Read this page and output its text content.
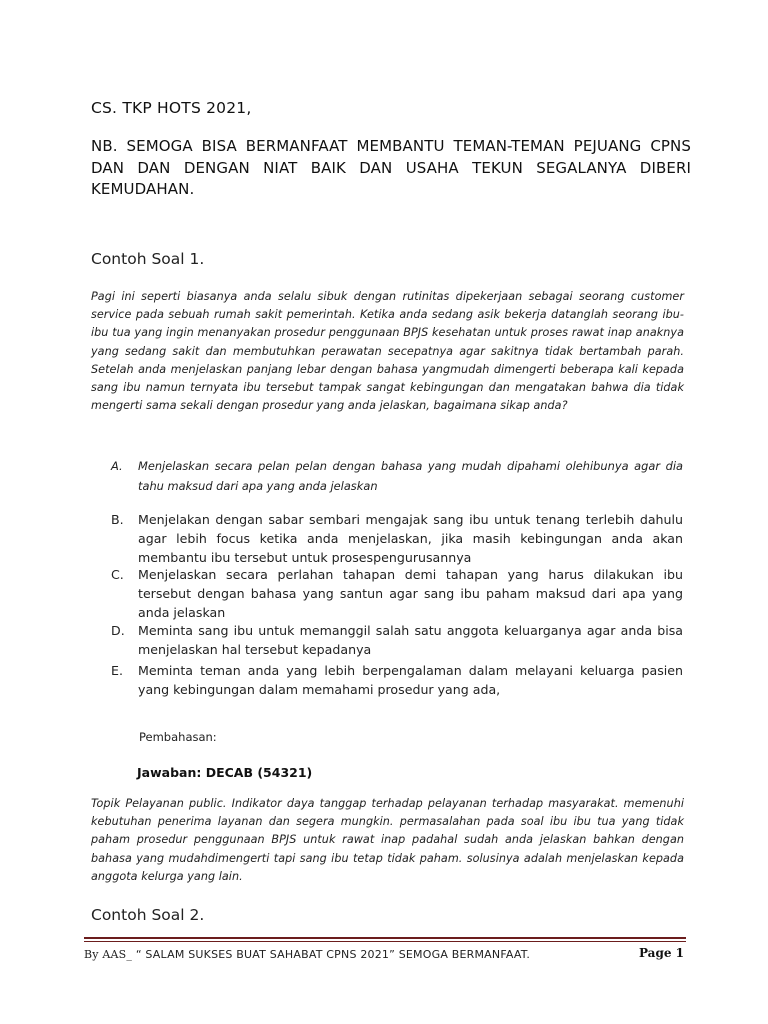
CS. TKP HOTS 2021,
NB. SEMOGA BISA BERMANFAAT MEMBANTU TEMAN-TEMAN PEJUANG CPNS DAN DAN DENGAN NIAT BAIK DAN USAHA TEKUN SEGALANYA DIBERI KEMUDAHAN.
Contoh Soal 1.
Pagi ini seperti biasanya anda selalu sibuk dengan rutinitas dipekerjaan sebagai seorang customer service pada sebuah rumah sakit pemerintah. Ketika anda sedang asik bekerja datanglah seorang ibu-ibu tua yang ingin menanyakan prosedur penggunaan BPJS kesehatan untuk proses rawat inap anaknya yang sedang sakit dan membutuhkan perawatan secepatnya agar sakitnya tidak bertambah parah. Setelah anda menjelaskan panjang lebar dengan bahasa yangmudah dimengerti beberapa kali kepada sang ibu namun ternyata ibu tersebut tampak sangat kebingungan dan mengatakan bahwa dia tidak mengerti sama sekali dengan prosedur yang anda jelaskan, bagaimana sikap anda?
A. Menjelaskan secara pelan pelan dengan bahasa yang mudah dipahami olehibunya agar dia tahu maksud dari apa yang anda jelaskan
B. Menjelakan dengan sabar sembari mengajak sang ibu untuk tenang terlebih dahulu agar lebih focus ketika anda menjelaskan, jika masih kebingungan anda akan membantu ibu tersebut untuk prosespengurusannya
C. Menjelaskan secara perlahan tahapan demi tahapan yang harus dilakukan ibu tersebut dengan bahasa yang santun agar sang ibu paham maksud dari apa yang anda jelaskan
D. Meminta sang ibu untuk memanggil salah satu anggota keluarganya agar anda bisa menjelaskan hal tersebut kepadanya
E. Meminta teman anda yang lebih berpengalaman dalam melayani keluarga pasien yang kebingungan dalam memahami prosedur yang ada,
Pembahasan:
Jawaban: DECAB (54321)
Topik Pelayanan public. Indikator daya tanggap terhadap pelayanan terhadap masyarakat. memenuhi kebutuhan penerima layanan dan segera mungkin. permasalahan pada soal ibu ibu tua yang tidak paham prosedur penggunaan BPJS untuk rawat inap padahal sudah anda jelaskan bahkan dengan bahasa yang mudahdimengerti tapi sang ibu tetap tidak paham. solusinya adalah menjelaskan kepada anggota kelurga yang lain.
Contoh Soal 2.
By AAS_ “ SALAM SUKSES BUAT SAHABAT CPNS 2021” SEMOGA BERMANFAAT.	Page 1
